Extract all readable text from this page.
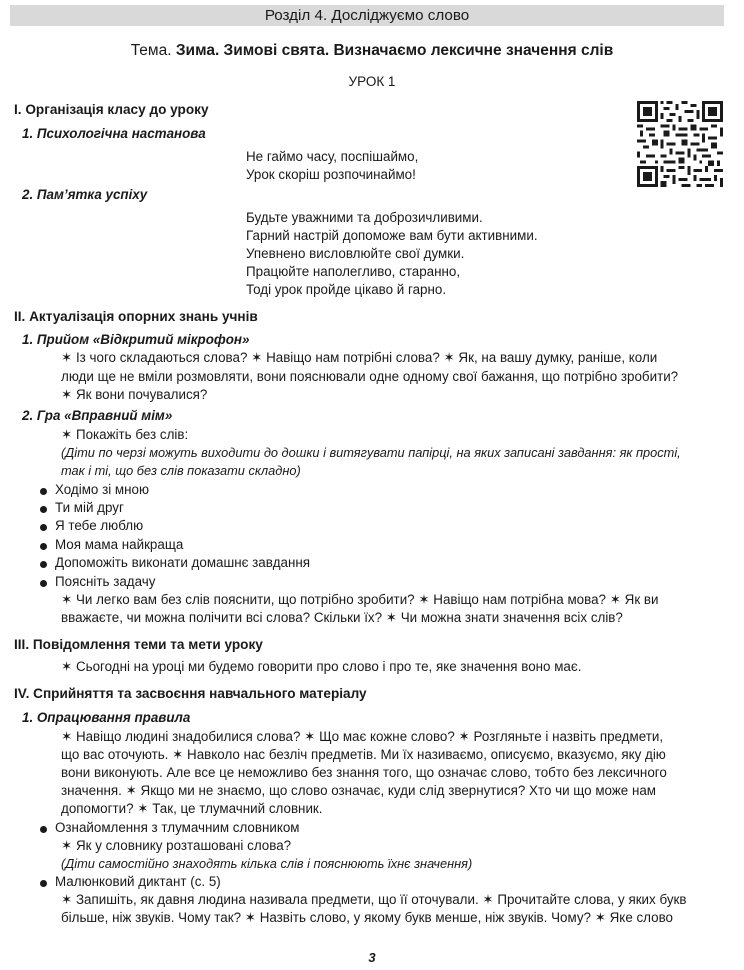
Розділ 4. Досліджуємо слово
Тема. Зима. Зимові свята. Визначаємо лексичне значення слів
УРОК 1
I. Організація класу до уроку
1. Психологічна настанова
Не гаймо часу, поспішаймо,
Урок скоріш розпочинаймо!
2. Пам’ятка успіху
Будьте уважними та доброзичливими.
Гарний настрій допоможе вам бути активними.
Упевнено висловлюйте свої думки.
Працюйте наполегливо, старанно,
Тоді урок пройде цікаво й гарно.
II. Актуалізація опорних знань учнів
1. Прийом «Відкритий мікрофон»
✶ Із чого складаються слова? ✶ Навіщо нам потрібні слова? ✶ Як, на вашу думку, раніше, коли
люди ще не вміли розмовляти, вони пояснювали одне одному свої бажання, що потрібно зробити?
✶ Як вони почувалися?
2. Гра «Вправний мім»
✶ Покажіть без слів:
(Діти по черзі можуть виходити до дошки і витягувати папірці, на яких записані завдання: як прості,
так і ті, що без слів показати складно)
Ходімо зі мною
Ти мій друг
Я тебе люблю
Моя мама найкраща
Допоможіть виконати домашнє завдання
Поясніть задачу
✶ Чи легко вам без слів пояснити, що потрібно зробити? ✶ Навіщо нам потрібна мова? ✶ Як ви
вважаєте, чи можна полічити всі слова? Скільки їх? ✶ Чи можна знати значення всіх слів?
III. Повідомлення теми та мети уроку
✶ Сьогодні на уроці ми будемо говорити про слово і про те, яке значення воно має.
IV. Сприйняття та засвоєння навчального матеріалу
1. Опрацювання правила
✶ Навіщо людині знадобилися слова? ✶ Що має кожне слово? ✶ Розгляньте і назвіть предмети,
що вас оточують. ✶ Навколо нас безліч предметів. Ми їх називаємо, описуємо, вказуємо, яку дію
вони виконують. Але все це неможливо без знання того, що означає слово, тобто без лексичного
значення. ✶ Якщо ми не знаємо, що слово означає, куди слід звернутися? Хто чи що може нам
допомогти? ✶ Так, це тлумачний словник.
Ознайомлення з тлумачним словником
✶ Як у словнику розташовані слова?
(Діти самостійно знаходять кілька слів і пояснюють їхнє значення)
Малюнковий диктант (с. 5)
✶ Запишіть, як давня людина називала предмети, що її оточували. ✶ Прочитайте слова, у яких букв
більше, ніж звуків. Чому так? ✶ Назвіть слово, у якому букв менше, ніж звуків. Чому? ✶ Яке слово
3
